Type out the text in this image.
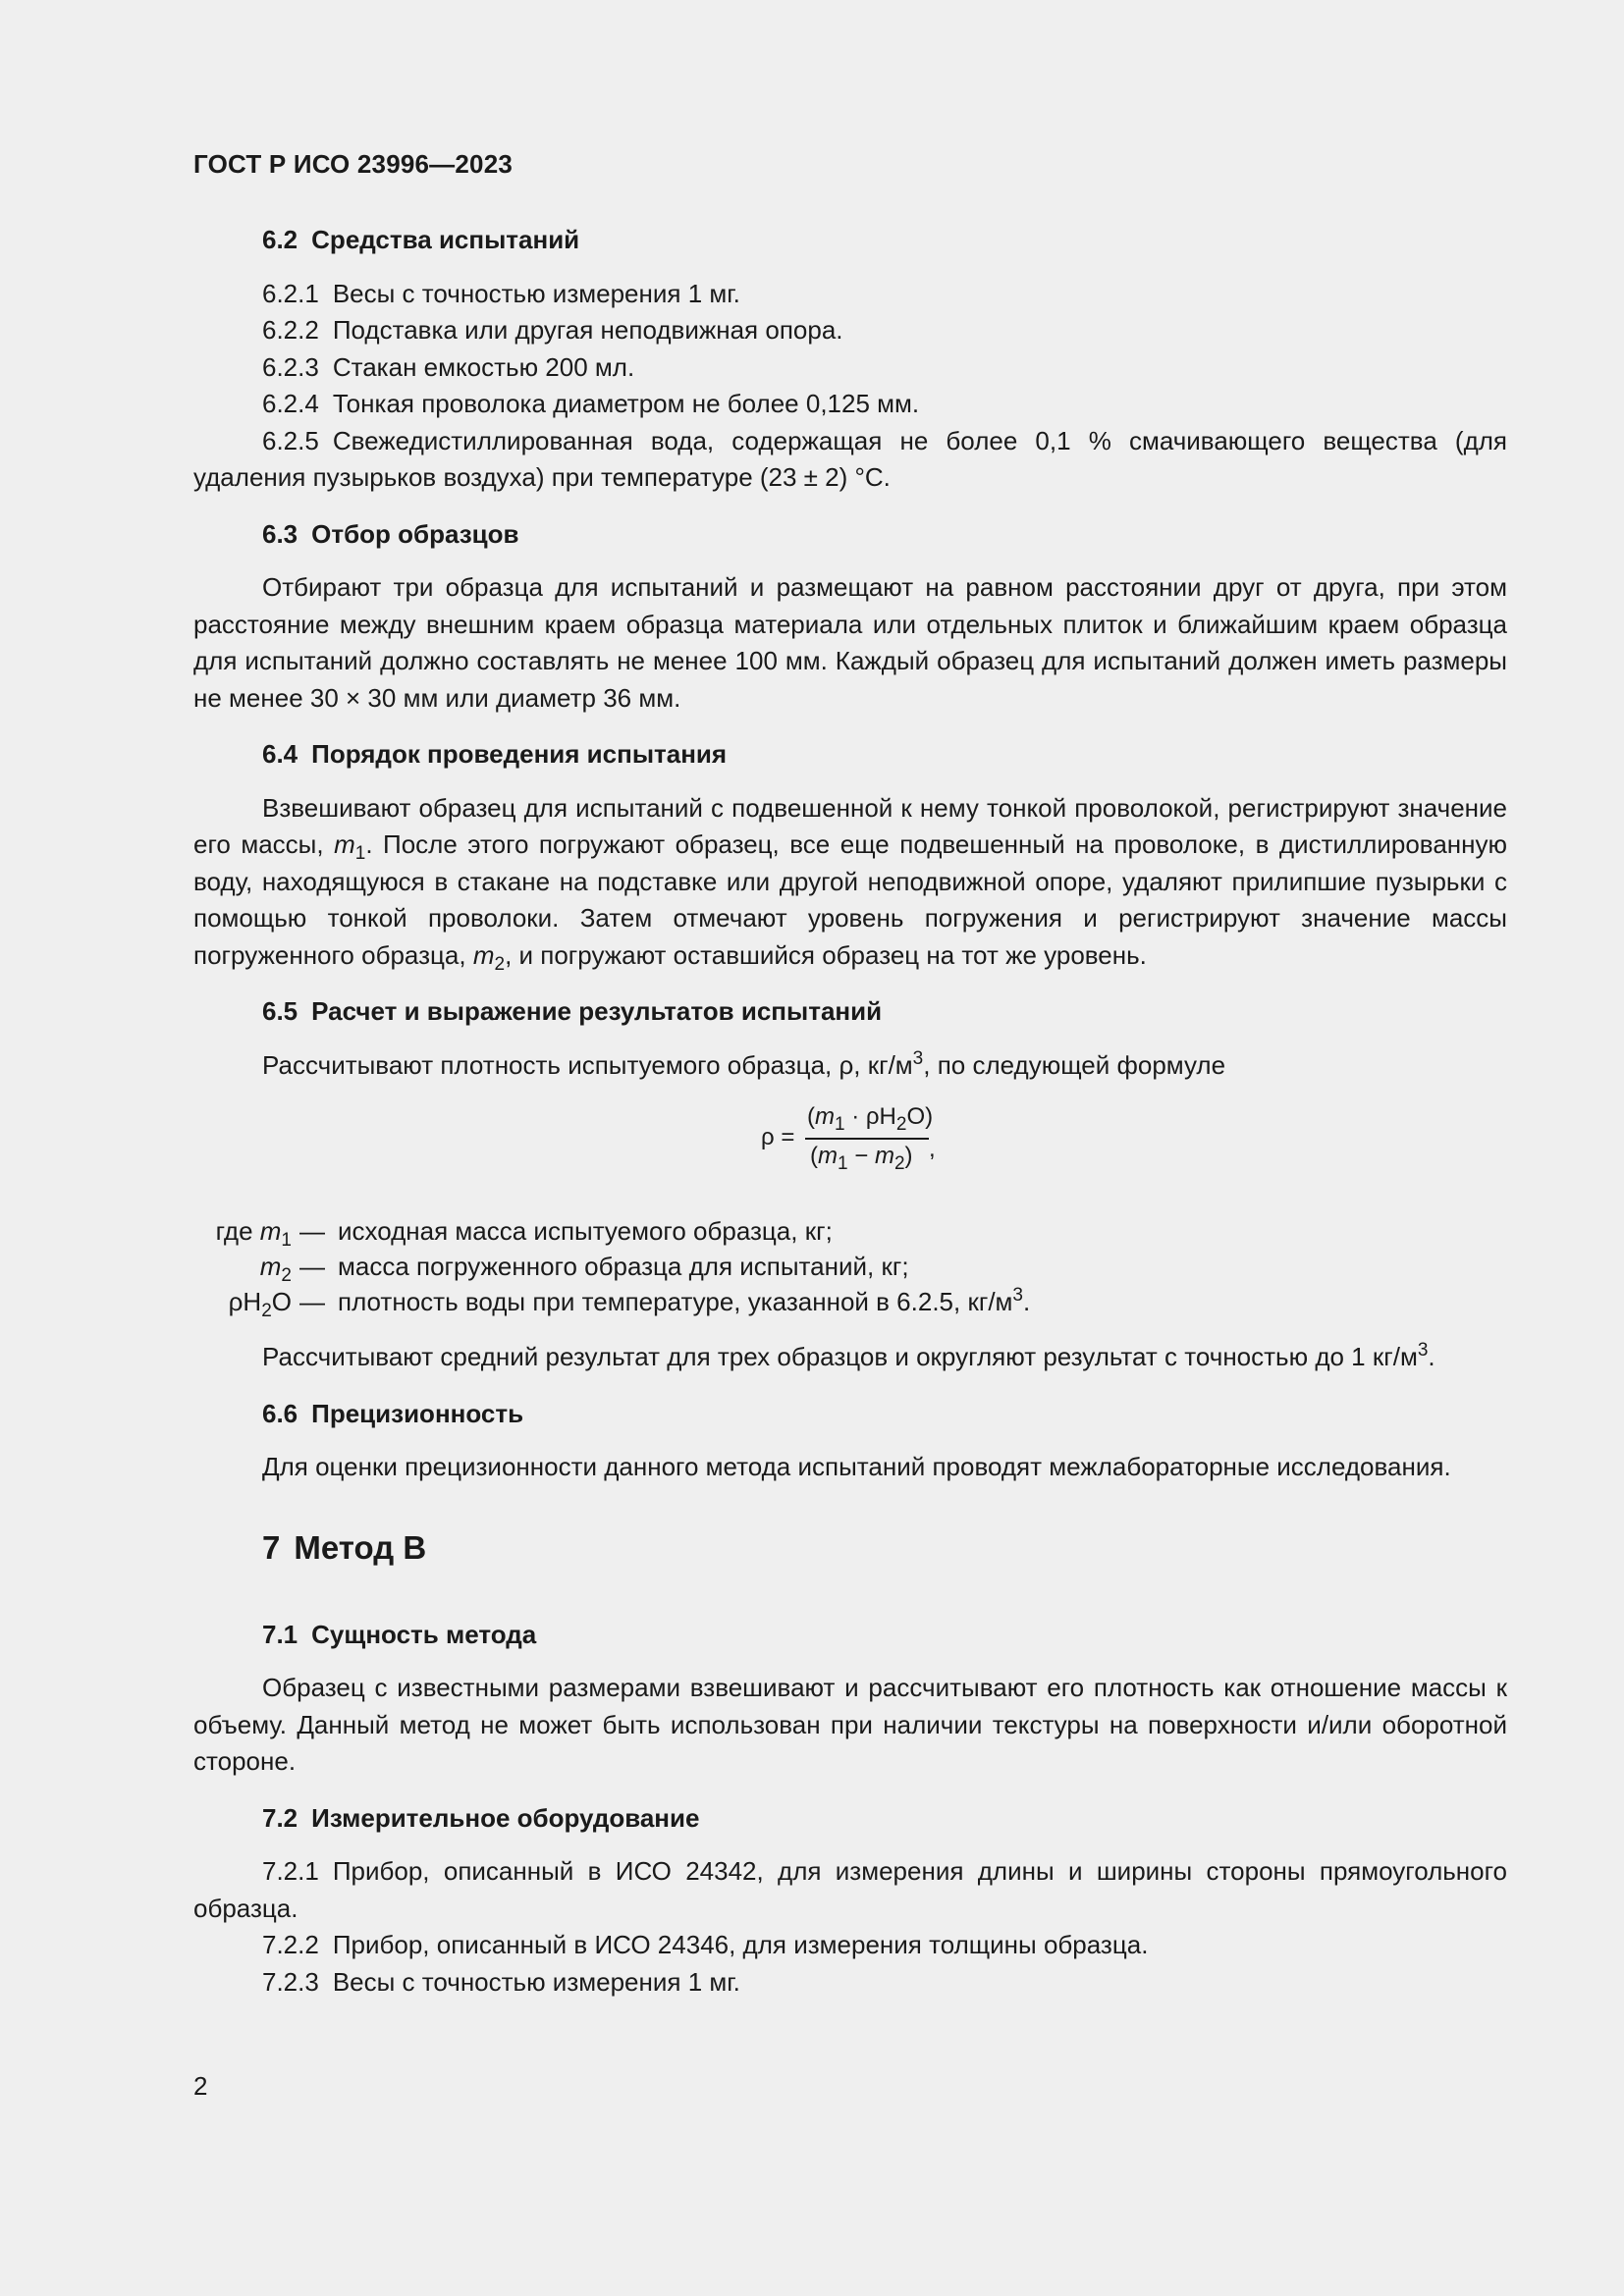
ГОСТ Р ИСО 23996—2023
6.2 Средства испытаний

6.2.1 Весы с точностью измерения 1 мг.

6.2.2 Подставка или другая неподвижная опора.

6.2.3 Стакан емкостью 200 мл.

6.2.4 Тонкая проволока диаметром не более 0,125 мм.

6.2.5 Свежедистиллированная вода, содержащая не более 0,1 % смачивающего вещества (для удаления пузырьков воздуха) при температуре (23 ± 2) °С.

6.3 Отбор образцов

Отбирают три образца для испытаний и размещают на равном расстоянии друг от друга, при этом расстояние между внешним краем образца материала или отдельных плиток и ближайшим краем образца для испытаний должно составлять не менее 100 мм. Каждый образец для испытаний должен иметь размеры не менее 30 × 30 мм или диаметр 36 мм.

6.4 Порядок проведения испытания

Взвешивают образец для испытаний с подвешенной к нему тонкой проволокой, регистрируют значение его массы, $m_1$. После этого погружают образец, все еще подвешенный на проволоке, в дистиллированную воду, находящуюся в стакане на подставке или другой неподвижной опоре, удаляют прилипшие пузырьки с помощью тонкой проволоки. Затем отмечают уровень погружения и регистрируют значение массы погруженного образца, $m_2$, и погружают оставшийся образец на тот же уровень.

6.5 Расчет и выражение результатов испытаний

Рассчитывают плотность испытуемого образца, ρ, $кг/м^3$, по следующей формуле

ρ =
$(m_1 \cdot \rho H_2O)$
$(m_1 - m_2)$ ,
где $m_1$ — исходная масса испытуемого образца, кг;
$m_2$ — масса погруженного образца для испытаний, кг;
$\rho H_2O$ — плотность воды при температуре, указанной в 6.2.5, $кг/м^3$.

Рассчитывают средний результат для трех образцов и округляют результат с точностью до 1 $кг/м^3$.

6.6 Прецизионность

Для оценки прецизионности данного метода испытаний проводят межлабораторные исследования.

7 Метод В
7.1 Сущность метода

Образец с известными размерами взвешивают и рассчитывают его плотность как отношение массы к объему. Данный метод не может быть использован при наличии текстуры на поверхности и/или оборотной стороне.

7.2 Измерительное оборудование

7.2.1 Прибор, описанный в ИСО 24342, для измерения длины и ширины стороны прямоугольного образца.

7.2.2 Прибор, описанный в ИСО 24346, для измерения толщины образца.

7.2.3 Весы с точностью измерения 1 мг.

2
